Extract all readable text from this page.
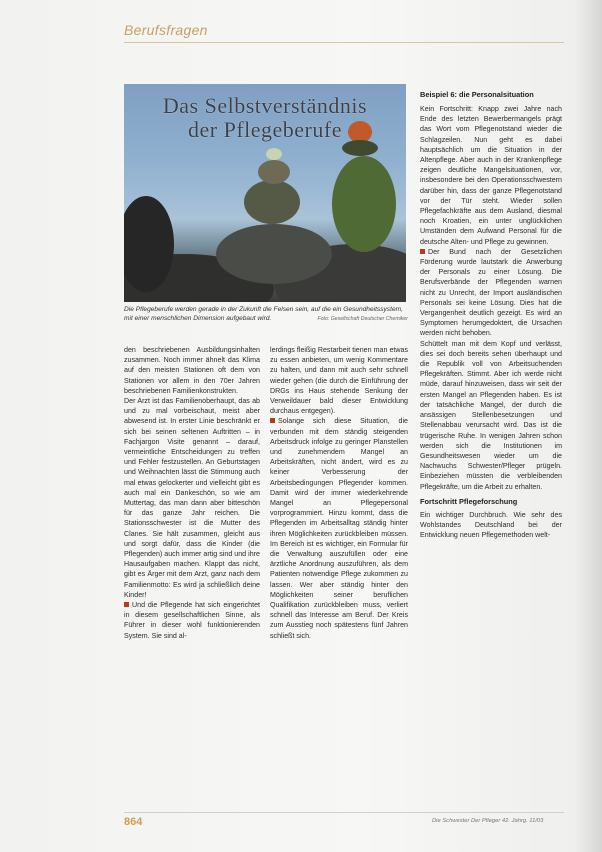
Berufsfragen
Das Selbstverständnis
der Pflegeberufe
Die Pflegeberufe werden gerade in der Zukunft die Felsen sein, auf die ein Gesundheitssystem, mit einer menschlichen Dimension aufgebaut wird.	Foto: Gesellschaft Deutscher Chemiker

den beschriebenen Ausbildungsinhalten zusammen. Noch immer ähnelt das Klima auf den meisten Stationen oft dem von Stationen vor allem in den 70er Jahren beschriebenen Familienkonstrukten.

Der Arzt ist das Familienoberhaupt, das ab und zu mal vorbeischaut, meist aber abwesend ist. In erster Linie beschränkt er sich bei seinen seltenen Auftritten – in Fachjargon Visite genannt – darauf, vermeintliche Entscheidungen zu treffen und Fehler festzustellen. An Geburtstagen und Weihnachten lässt die Stimmung auch mal etwas gelockerter und vielleicht gibt es auch mal ein Dankeschön, so wie am Muttertag, das man dann aber bitteschön für das ganze Jahr reichen. Die Stationsschwester ist die Mutter des Clanes. Sie hält zusammen, gleicht aus und sorgt dafür, dass die Kinder (die Pflegenden) auch immer artig sind und ihre Hausaufgaben machen. Klappt das nicht, gibt es Ärger mit dem Arzt, ganz nach dem Familienmotto: Es wird ja schließlich deine Kinder!

Und die Pflegende hat sich eingerichtet in diesem gesellschaftlichen Sinne, als Führer in dieser wohl funktionierenden System. Sie sind al-

lerdings fleißig Restarbeit tienen man etwas zu essen anbieten, um wenig Kommentare zu halten, und dann mit auch sehr schnell wieder gehen (die durch die Einführung der DRGs ins Haus stehende Senkung der Verweildauer bald dieser Entwicklung durchaus entgegen).

Solange sich diese Situation, die verbunden mit dem ständig steigenden Arbeitsdruck infolge zu geringer Planstellen und zunehmendem Mangel an Arbeitskräften, nicht ändert, wird es zu keiner Verbesserung der Arbeitsbedingungen Pflegender kommen. Damit wird der immer wiederkehrende Mangel an Pflegepersonal vorprogrammiert. Hinzu kommt, dass die Pflegenden im Arbeitsalltag ständig hinter ihren Möglichkeiten zurückbleiben müssen. Im Bereich ist es wichtiger, ein Formular für die Verwaltung auszufüllen oder eine ärztliche Anordnung auszuführen, als dem Patienten notwendige Pflege zukommen zu lassen. Wer aber ständig hinter den Möglichkeiten seiner beruflichen Qualifikation zurückbleiben muss, verliert schnell das Interesse am Beruf. Der Kreis zum Ausstieg noch spätestens fünf Jahren schließt sich.

Beispiel 6: die Personalsituation

Kein Fortschritt: Knapp zwei Jahre nach Ende des letzten Bewerbermangels prägt das Wort vom Pflegenotstand wieder die Schlagzeilen. Nun geht es dabei hauptsächlich um die Situation in der Altenpflege. Aber auch in der Krankenpflege zeigen deutliche Mangelsituationen, vor, insbesondere bei den Operationsschwestern darüber hin, dass der ganze Pflegenotstand vor der Tür steht. Wieder sollen Pflegefachkräfte aus dem Ausland, diesmal noch Kroatien, ein unter unglücklichen Umständen dem Aufwand Personal für die deutsche Alten- und Pflege zu gewinnen.

Der Bund nach der Gesetzlichen Förderung wurde lautstark die Anwerbung der Personals zu einer Lösung. Die Berufsverbände der Pflegenden warnen nicht zu Unrecht, der Import ausländischen Personals sei keine Lösung. Dies hat die Vergangenheit deutlich gezeigt. Es wird an Symptomen herumgedoktert, die Ursachen werden nicht behoben.

Schüttelt man mit dem Kopf und verlässt, dies sei doch bereits sehen überhaupt und die Republik voll von Arbeitsuchenden Pflegekräften. Stimmt. Aber ich werde nicht müde, darauf hinzuweisen, dass wir seit der ersten Mangel an Pflegenden haben. Es ist der tatsächliche Mangel, der durch die ansässigen Stellenbesetzungen und Stellenabbau verursacht wird. Das ist die trügerische Ruhe. In wenigen Jahren schon werden sich die Institutionen im Gesundheitswesen wieder um die Nachwuchs Schwester/Pfleger prügeln. Einbeziehen müssten die verbleibenden Pflegekräfte, um die Arbeit zu erhalten.

Fortschritt Pflegeforschung

Ein wichtiger Durchbruch. Wie sehr des Wohlstandes Deutschland bei der Entwicklung neuen Pflegemethoden welt-

864	Die Schwester Der Pfleger 42. Jahrg. 11/03
